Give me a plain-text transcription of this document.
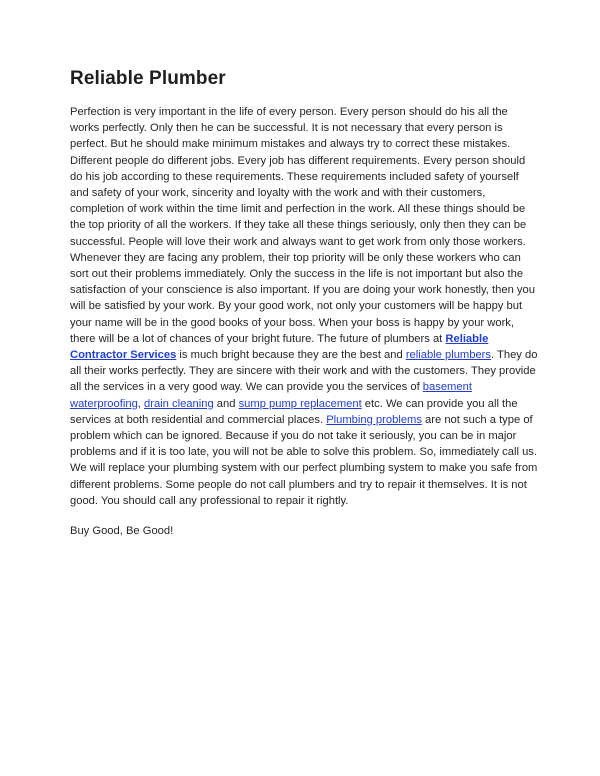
Reliable Plumber

Perfection is very important in the life of every person. Every person should do his all the works perfectly. Only then he can be successful. It is not necessary that every person is perfect. But he should make minimum mistakes and always try to correct these mistakes. Different people do different jobs. Every job has different requirements. Every person should do his job according to these requirements. These requirements included safety of yourself and safety of your work, sincerity and loyalty with the work and with their customers, completion of work within the time limit and perfection in the work. All these things should be the top priority of all the workers. If they take all these things seriously, only then they can be successful. People will love their work and always want to get work from only those workers. Whenever they are facing any problem, their top priority will be only these workers who can sort out their problems immediately. Only the success in the life is not important but also the satisfaction of your conscience is also important. If you are doing your work honestly, then you will be satisfied by your work. By your good work, not only your customers will be happy but your name will be in the good books of your boss. When your boss is happy by your work, there will be a lot of chances of your bright future. The future of plumbers at Reliable Contractor Services is much bright because they are the best and reliable plumbers. They do all their works perfectly. They are sincere with their work and with the customers. They provide all the services in a very good way. We can provide you the services of basement waterproofing, drain cleaning and sump pump replacement etc. We can provide you all the services at both residential and commercial places. Plumbing problems are not such a type of problem which can be ignored. Because if you do not take it seriously, you can be in major problems and if it is too late, you will not be able to solve this problem. So, immediately call us. We will replace your plumbing system with our perfect plumbing system to make you safe from different problems. Some people do not call plumbers and try to repair it themselves. It is not good. You should call any professional to repair it rightly.

Buy Good, Be Good!
